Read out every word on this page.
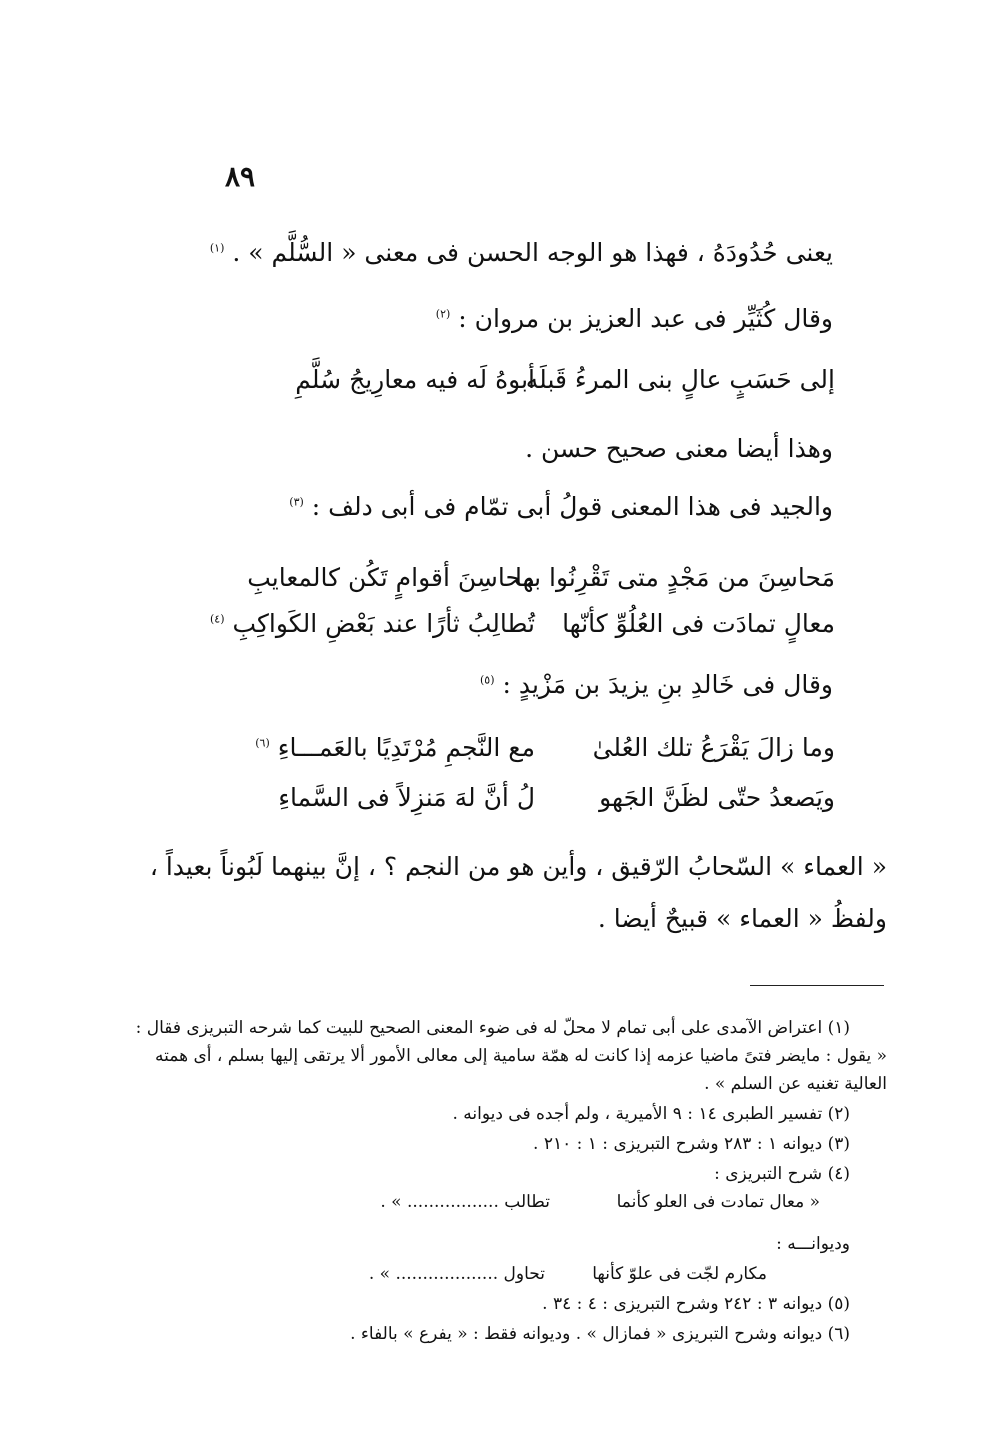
٨٩
يعنى حُدُودَهُ ، فهذا هو الوجه الحسن فى معنى « السُّلَّم » . $^{(١)}$
وقال كُثَيِّر فى عبد العزيز بن مروان : $^{(٢)}$
إلى حَسَبٍ عالٍ بنى المرءُ قَبلَه
أبوهُ لَه فيه معارِيجُ سُلَّمِ
وهذا أيضا معنى صحيح حسن .
والجيد فى هذا المعنى قولُ أبى تمّام فى أبى دلف : $^{(٣)}$
مَحاسِنَ من مَجْدٍ متى تَقْرِنُوا بها
محاسِنَ أقوامٍ تَكُن كالمعايبِ
معالٍ تمادَت فى العُلُوِّ كأنّها
تُطالِبُ ثأرًا عند بَعْضِ الكَواكِبِ $^{(٤)}$
وقال فى خَالدِ بنِ يزيدَ بن مَزْيدٍ : $^{(٥)}$
وما زالَ يَقْرَعُ تلك العُلىٰ
مع النَّجمِ مُرْتَدِيًا بالعَمـــاءِ $^{(٦)}$
ويَصعدُ حتّى لظَنَّ الجَهو
لُ أنَّ لهَ مَنزِلاً فى السَّماءِ
« العماء » السّحابُ الرّقيق ، وأين هو من النجم ؟ ، إنَّ بينهما لَبُوناً بعيداً ،
ولفظُ « العماء » قبيحٌ أيضا .
(١) اعتراض الآمدى على أبى تمام لا محلّ له فى ضوء المعنى الصحيح للبيت كما شرحه التبريزى فقال :
« يقول : مايضر فتىً ماضيا عزمه إذا كانت له همّة سامية إلى معالى الأمور ألا يرتقى إليها بسلم ، أى همته
العالية تغنيه عن السلم » .
(٢) تفسير الطبرى ١٤ : ٩ الأميرية ، ولم أجده فى ديوانه .
(٣) ديوانه ١ : ٢٨٣ وشرح التبريزى : ١ : ٢١٠ .
(٤) شرح التبريزى :
« معال تمادت فى العلو كأنما
تطالب ................. » .
وديوانـــه :
مكارم لجّت فى علوّ كأنها
تحاول ................... » .
(٥) ديوانه ٣ : ٢٤٢ وشرح التبريزى : ٤ : ٣٤ .
(٦) ديوانه وشرح التبريزى « فمازال » . وديوانه فقط : « يفرع » بالفاء .
